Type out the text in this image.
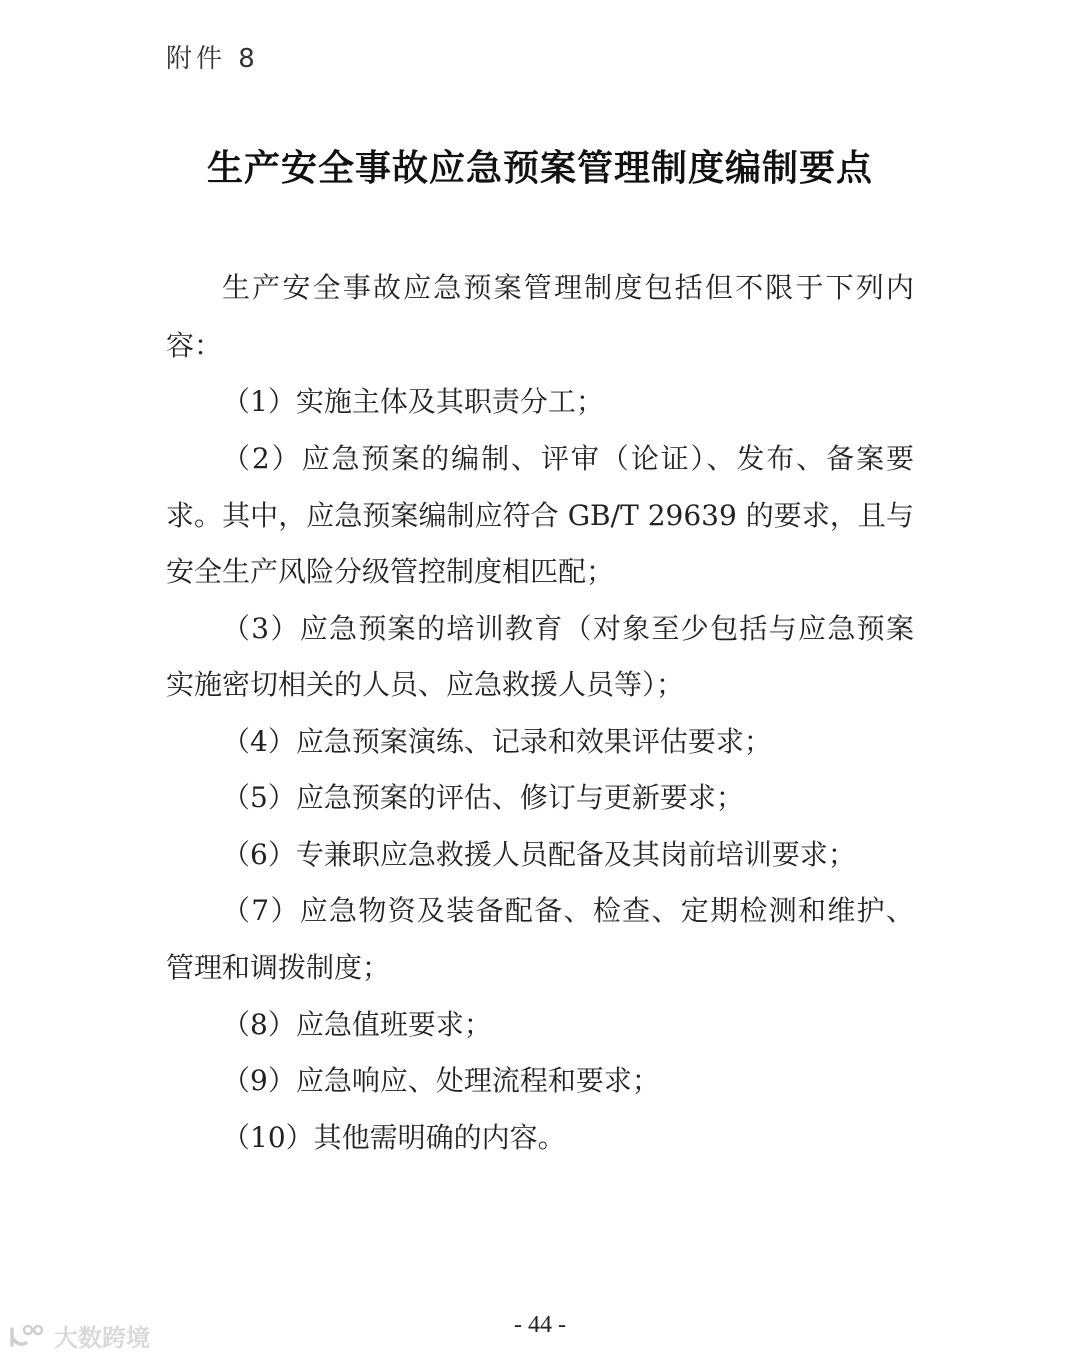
附件 8
生产安全事故应急预案管理制度编制要点
生产安全事故应急预案管理制度包括但不限于下列内
容：
（1）实施主体及其职责分工；
（2）应急预案的编制、评审（论证）、发布、备案要
求。其中，应急预案编制应符合 GB/T 29639 的要求，且与
安全生产风险分级管控制度相匹配；
（3）应急预案的培训教育（对象至少包括与应急预案
实施密切相关的人员、应急救援人员等）；
（4）应急预案演练、记录和效果评估要求；
（5）应急预案的评估、修订与更新要求；
（6）专兼职应急救援人员配备及其岗前培训要求；
（7）应急物资及装备配备、检查、定期检测和维护、
管理和调拨制度；
（8）应急值班要求；
（9）应急响应、处理流程和要求；
（10）其他需明确的内容。
- 44 -
大数跨境
